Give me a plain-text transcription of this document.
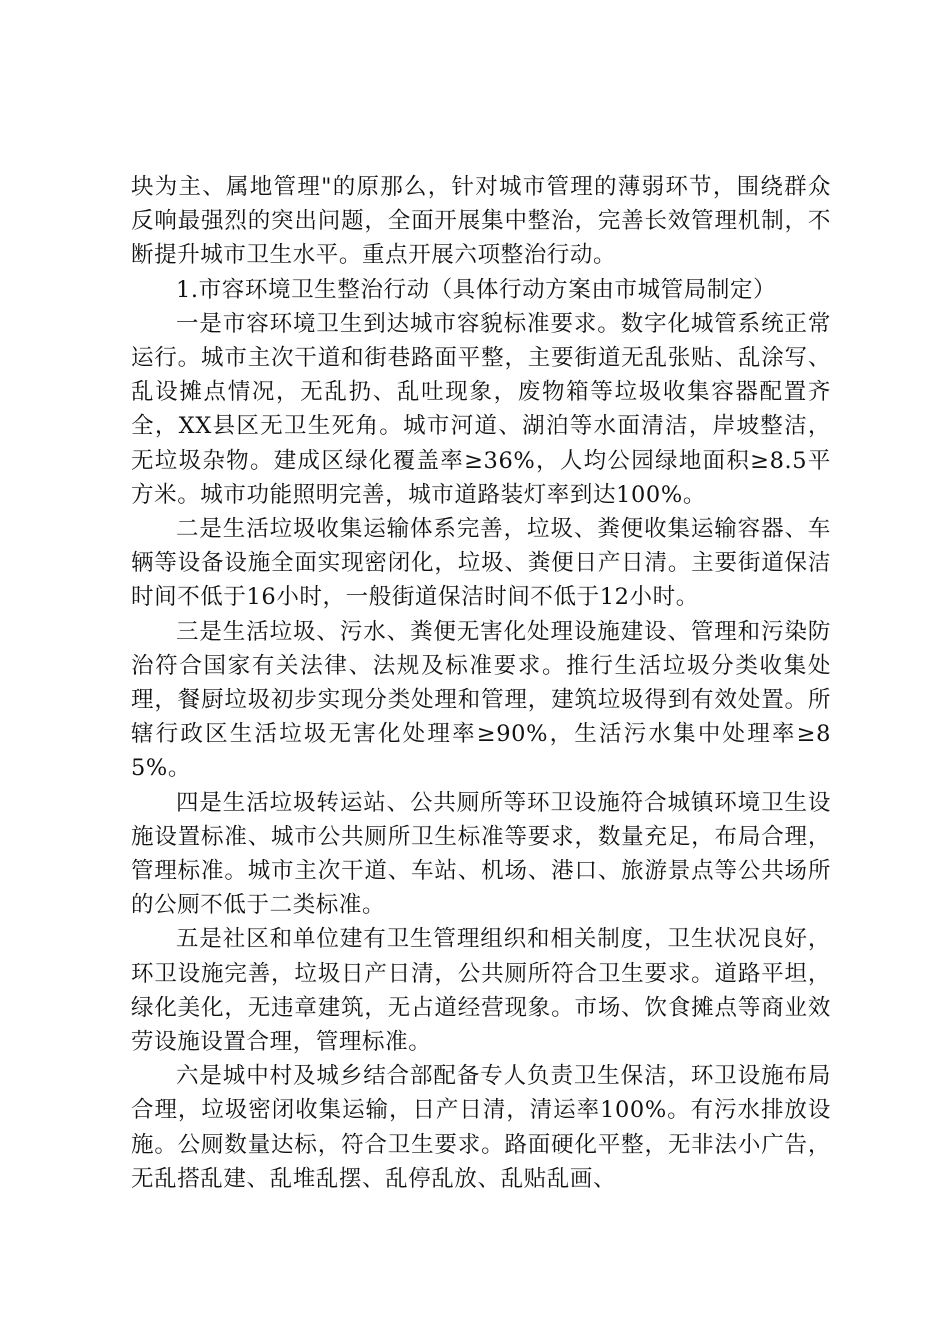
块为主、属地管理"的原那么，针对城市管理的薄弱环节，围绕群众反响最强烈的突出问题，全面开展集中整治，完善长效管理机制，不断提升城市卫生水平。重点开展六项整治行动。

1.市容环境卫生整治行动（具体行动方案由市城管局制定）

一是市容环境卫生到达城市容貌标准要求。数字化城管系统正常运行。城市主次干道和街巷路面平整，主要街道无乱张贴、乱涂写、乱设摊点情况，无乱扔、乱吐现象，废物箱等垃圾收集容器配置齐全，XX县区无卫生死角。城市河道、湖泊等水面清洁，岸坡整洁，无垃圾杂物。建成区绿化覆盖率≥36%，人均公园绿地面积≥8.5平方米。城市功能照明完善，城市道路装灯率到达100%。

二是生活垃圾收集运输体系完善，垃圾、粪便收集运输容器、车辆等设备设施全面实现密闭化，垃圾、粪便日产日清。主要街道保洁时间不低于16小时，一般街道保洁时间不低于12小时。

三是生活垃圾、污水、粪便无害化处理设施建设、管理和污染防治符合国家有关法律、法规及标准要求。推行生活垃圾分类收集处理，餐厨垃圾初步实现分类处理和管理，建筑垃圾得到有效处置。所辖行政区生活垃圾无害化处理率≥90%，生活污水集中处理率≥85%。

四是生活垃圾转运站、公共厕所等环卫设施符合城镇环境卫生设施设置标准、城市公共厕所卫生标准等要求，数量充足，布局合理，管理标准。城市主次干道、车站、机场、港口、旅游景点等公共场所的公厕不低于二类标准。

五是社区和单位建有卫生管理组织和相关制度，卫生状况良好，环卫设施完善，垃圾日产日清，公共厕所符合卫生要求。道路平坦，绿化美化，无违章建筑，无占道经营现象。市场、饮食摊点等商业效劳设施设置合理，管理标准。

六是城中村及城乡结合部配备专人负责卫生保洁，环卫设施布局合理，垃圾密闭收集运输，日产日清，清运率100%。有污水排放设施。公厕数量达标，符合卫生要求。路面硬化平整，无非法小广告，无乱搭乱建、乱堆乱摆、乱停乱放、乱贴乱画、
